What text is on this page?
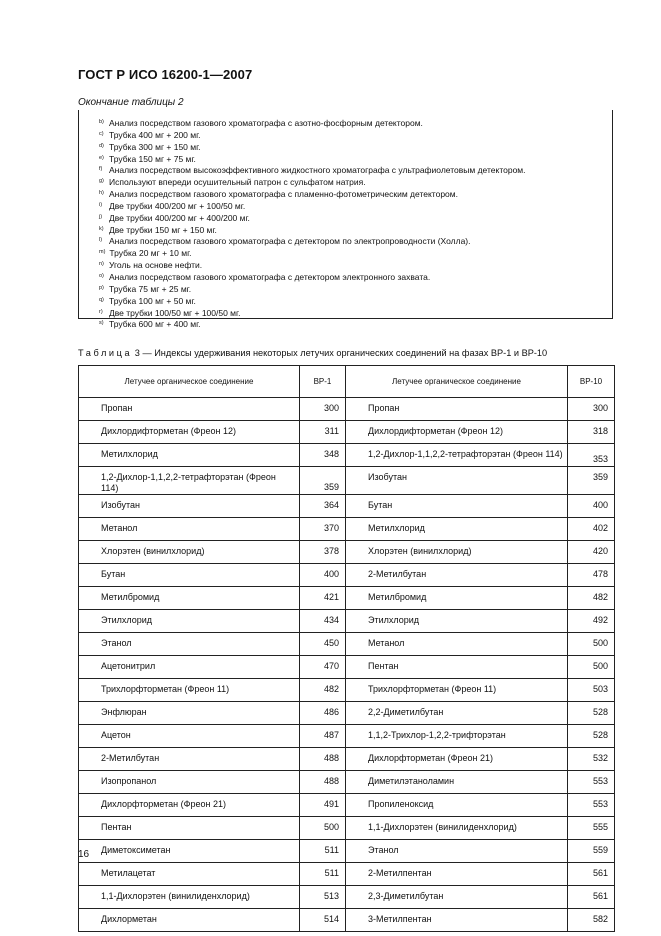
ГОСТ Р ИСО 16200-1—2007
Окончание таблицы 2
$^{b)}$ Анализ посредством газового хроматографа с азотно-фосфорным детектором.
$^{c)}$ Трубка 400 мг + 200 мг.
$^{d)}$ Трубка 300 мг + 150 мг.
$^{e)}$ Трубка 150 мг + 75 мг.
$^{f)}$ Анализ посредством высокоэффективного жидкостного хроматографа с ультрафиолетовым детектором.
$^{g)}$ Используют впереди осушительный патрон с сульфатом натрия.
$^{h)}$ Анализ посредством газового хроматографа с пламенно-фотометрическим детектором.
$^{i)}$ Две трубки 400/200 мг + 100/50 мг.
$^{j)}$ Две трубки 400/200 мг + 400/200 мг.
$^{k)}$ Две трубки 150 мг + 150 мг.
$^{l)}$ Анализ посредством газового хроматографа с детектором по электропроводности (Холла).
$^{m)}$ Трубка 20 мг + 10 мг.
$^{n)}$ Уголь на основе нефти.
$^{o)}$ Анализ посредством газового хроматографа с детектором электронного захвата.
$^{p)}$ Трубка 75 мг + 25 мг.
$^{q)}$ Трубка 100 мг + 50 мг.
$^{r)}$ Две трубки 100/50 мг + 100/50 мг.
$^{s)}$ Трубка 600 мг + 400 мг.
Таблица 3 — Индексы удерживания некоторых летучих органических соединений на фазах ВР-1 и ВР-10
Летучее органическое соединение	ВР-1	Летучее органическое соединение	ВР-10
Пропан	300	Пропан	300
Дихлордифторметан (Фреон 12)	311	Дихлордифторметан (Фреон 12)	318
Метилхлорид	348	1,2-Дихлор-1,1,2,2-тетрафторэтан (Фреон 114)	353
1,2-Дихлор-1,1,2,2-тетрафторэтан (Фреон 114)	359	Изобутан	359
Изобутан	364	Бутан	400
Метанол	370	Метилхлорид	402
Хлорэтен (винилхлорид)	378	Хлорэтен (винилхлорид)	420
Бутан	400	2-Метилбутан	478
Метилбромид	421	Метилбромид	482
Этилхлорид	434	Этилхлорид	492
Этанол	450	Метанол	500
Ацетонитрил	470	Пентан	500
Трихлорфторметан (Фреон 11)	482	Трихлорфторметан (Фреон 11)	503
Энфлюран	486	2,2-Диметилбутан	528
Ацетон	487	1,1,2-Трихлор-1,2,2-трифторэтан	528
2-Метилбутан	488	Дихлорфторметан (Фреон 21)	532
Изопропанол	488	Диметилэтаноламин	553
Дихлорфторметан (Фреон 21)	491	Пропиленоксид	553
Пентан	500	1,1-Дихлорэтен (винилиденхлорид)	555
Диметоксиметан	511	Этанол	559
Метилацетат	511	2-Метилпентан	561
1,1-Дихлорэтен (винилиденхлорид)	513	2,3-Диметилбутан	561
Дихлорметан	514	3-Метилпентан	582
16
